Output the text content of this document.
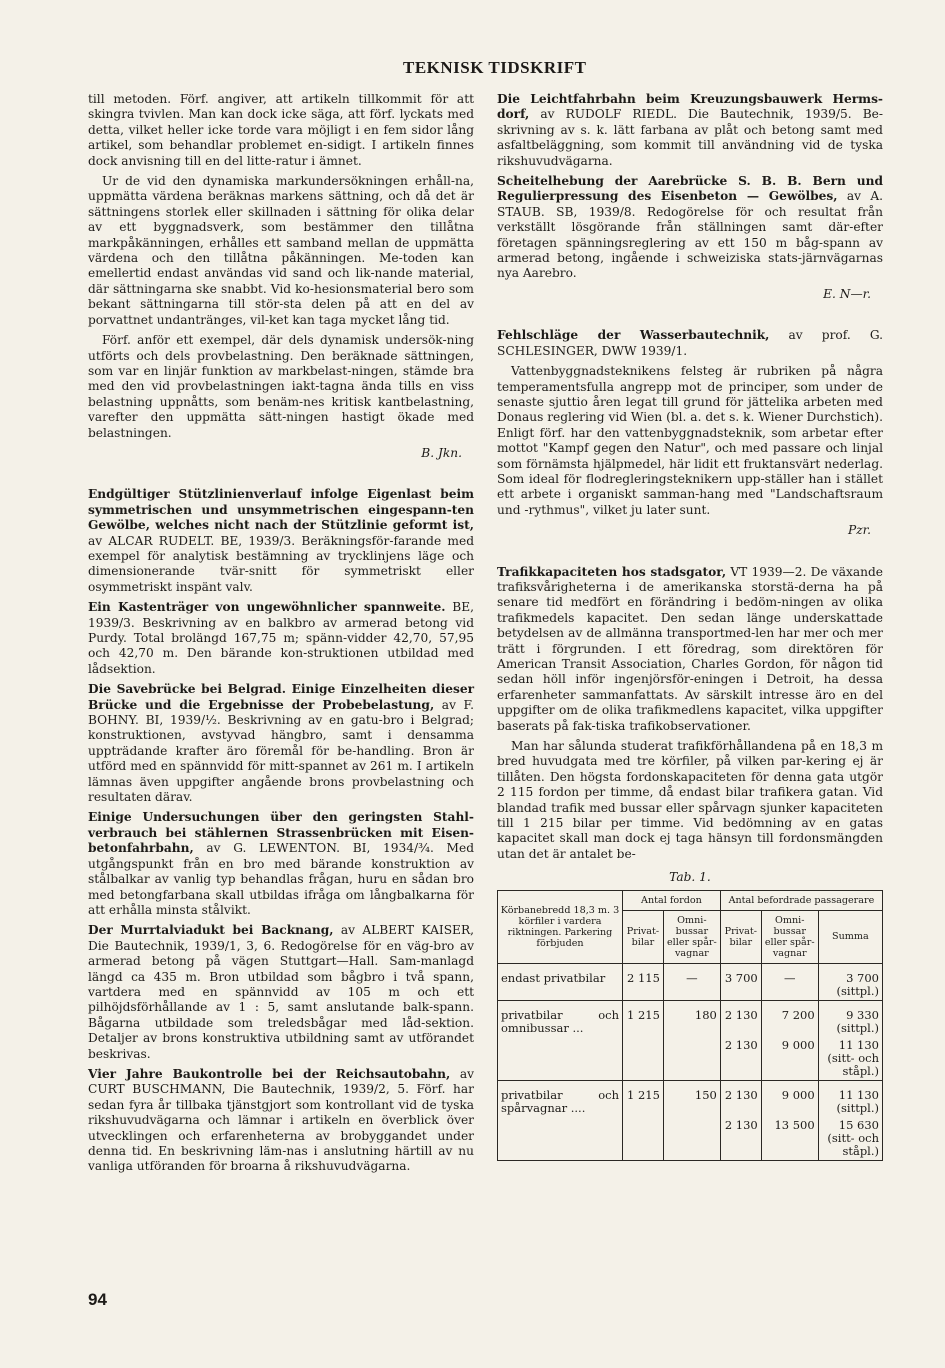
TEKNISK TIDSKRIFT

till metoden. Förf. angiver, att artikeln tillkommit för att skingra tvivlen. Man kan dock icke säga, att förf. lyckats med detta, vilket heller icke torde vara möjligt i en fem sidor lång artikel, som behandlar problemet en-sidigt. I artikeln finnes dock anvisning till en del litte-ratur i ämnet.

Ur de vid den dynamiska markundersökningen erhåll-na, uppmätta värdena beräknas markens sättning, och då det är sättningens storlek eller skillnaden i sättning för olika delar av ett byggnadsverk, som bestämmer den tillåtna markpåkänningen, erhålles ett samband mellan de uppmätta värdena och den tillåtna påkänningen. Me-toden kan emellertid endast användas vid sand och lik-nande material, där sättningarna ske snabbt. Vid ko-hesionsmaterial bero som bekant sättningarna till stör-sta delen på att en del av porvattnet undantränges, vil-ket kan taga mycket lång tid.

Förf. anför ett exempel, där dels dynamisk undersök-ning utförts och dels provbelastning. Den beräknade sättningen, som var en linjär funktion av markbelast-ningen, stämde bra med den vid provbelastningen iakt-tagna ända tills en viss belastning uppnåtts, som benäm-nes kritisk kantbelastning, varefter den uppmätta sätt-ningen hastigt ökade med belastningen.

B. Jkn.

Endgültiger Stützlinienverlauf infolge Eigenlast beim symmetrischen und unsymmetrischen eingespann-ten Gewölbe, welches nicht nach der Stützlinie geformt ist, av ALCAR RUDELT. BE, 1939/3. Beräkningsför-farande med exempel för analytisk bestämning av trycklinjens läge och dimensionerande tvär-snitt för symmetriskt eller osymmetriskt inspänt valv.

Ein Kastenträger von ungewöhnlicher spannweite. BE, 1939/3. Beskrivning av en balkbro av armerad betong vid Purdy. Total brolängd 167,75 m; spänn-vidder 42,70, 57,95 och 42,70 m. Den bärande kon-struktionen utbildad med lådsektion.

Die Savebrücke bei Belgrad. Einige Einzelheiten dieser Brücke und die Ergebnisse der Probebelastung, av F. BOHNY. BI, 1939/½. Beskrivning av en gatu-bro i Belgrad; konstruktionen, avstyvad hängbro, samt i densamma uppträdande krafter äro föremål för be-handling. Bron är utförd med en spännvidd för mitt-spannet av 261 m. I artikeln lämnas även uppgifter angående brons provbelastning och resultaten därav.

Einige Undersuchungen über den geringsten Stahl-verbrauch bei stählernen Strassenbrücken mit Eisen-betonfahrbahn, av G. LEWENTON. BI, 1934/¾. Med utgångspunkt från en bro med bärande konstruktion av stålbalkar av vanlig typ behandlas frågan, huru en sådan bro med betongfarbana skall utbildas ifråga om långbalkarna för att erhålla minsta stålvikt.

Der Murrtalviadukt bei Backnang, av ALBERT KAISER, Die Bautechnik, 1939/1, 3, 6. Redogörelse för en väg-bro av armerad betong på vägen Stuttgart—Hall. Sam-manlagd längd ca 435 m. Bron utbildad som bågbro i två spann, vartdera med en spännvidd av 105 m och ett pilhöjdsförhållande av 1 : 5, samt anslutande balk-spann. Bågarna utbildade som treledsbågar med låd-sektion. Detaljer av brons konstruktiva utbildning samt av utförandet beskrivas.

Vier Jahre Baukontrolle bei der Reichsautobahn, av CURT BUSCHMANN, Die Bautechnik, 1939/2, 5. Förf. har sedan fyra år tillbaka tjänstgjort som kontrollant vid de tyska rikshuvudvägarna och lämnar i artikeln en överblick över utvecklingen och erfarenheterna av brobyggandet under denna tid. En beskrivning läm-nas i anslutning härtill av nu vanliga utföranden för broarna å rikshuvudvägarna.

Die Leichtfahrbahn beim Kreuzungsbauwerk Herms-dorf, av RUDOLF RIEDL. Die Bautechnik, 1939/5. Be-skrivning av s. k. lätt farbana av plåt och betong samt med asfaltbeläggning, som kommit till användning vid de tyska rikshuvudvägarna.

Scheitelhebung der Aarebrücke S. B. B. Bern und Regulierpressung des Eisenbeton — Gewölbes, av A. STAUB. SB, 1939/8. Redogörelse för och resultat från verkställt lösgörande från ställningen samt där-efter företagen spänningsreglering av ett 150 m båg-spann av armerad betong, ingående i schweiziska stats-järnvägarnas nya Aarebro.

E. N—r.

Fehlschläge der Wasserbautechnik, av prof. G. SCHLESINGER, DWW 1939/1.

Vattenbyggnadsteknikens felsteg är rubriken på några temperamentsfulla angrepp mot de principer, som under de senaste sjuttio åren legat till grund för jättelika arbeten med Donaus reglering vid Wien (bl. a. det s. k. Wiener Durchstich). Enligt förf. har den vattenbyggnadsteknik, som arbetar efter mottot "Kampf gegen den Natur", och med passare och linjal som förnämsta hjälpmedel, här lidit ett fruktansvärt nederlag. Som ideal för flodregleringsteknikern upp-ställer han i stället ett arbete i organiskt samman-hang med "Landschaftsraum und -rythmus", vilket ju later sunt.

Pzr.

Trafikkapaciteten hos stadsgator, VT 1939—2. De växande trafiksvårigheterna i de amerikanska storstä-derna ha på senare tid medfört en förändring i bedöm-ningen av olika trafikmedels kapacitet. Den sedan länge underskattade betydelsen av de allmänna transportmed-len har mer och mer trätt i förgrunden. I ett föredrag, som direktören för American Transit Association, Charles Gordon, för någon tid sedan höll inför ingenjörsför-eningen i Detroit, ha dessa erfarenheter sammanfattats. Av särskilt intresse äro en del uppgifter om de olika trafikmedlens kapacitet, vilka uppgifter baserats på fak-tiska trafikobservationer.

Man har sålunda studerat trafikförhållandena på en 18,3 m bred huvudgata med tre körfiler, på vilken par-kering ej är tillåten. Den högsta fordonskapaciteten för denna gata utgör 2 115 fordon per timme, då endast bilar trafikera gatan. Vid blandad trafik med bussar eller spårvagn sjunker kapaciteten till 1 215 bilar per timme. Vid bedömning av en gatas kapacitet skall man dock ej taga hänsyn till fordonsmängden utan det är antalet be-

Tab. 1.
Körbanebredd 18,3 m. 3 körfiler i vardera riktningen. Parkering förbjuden	Antal fordon		Antal befordrade passagerare		
	Privat-bilar	Omni-bussar eller spår-vagnar	Privat-bilar	Omni-bussar eller spår-vagnar	Summa
endast privatbilar	2 115	—	3 700	—	3 700 (sittpl.)
privatbilar och omnibussar ...	1 215	180	2 130	7 200	9 330 (sittpl.)
			2 130	9 000	11 130 (sitt- och ståpl.)
privatbilar och spårvagnar ....	1 215	150	2 130	9 000	11 130 (sittpl.)
			2 130	13 500	15 630 (sitt- och ståpl.)
94
